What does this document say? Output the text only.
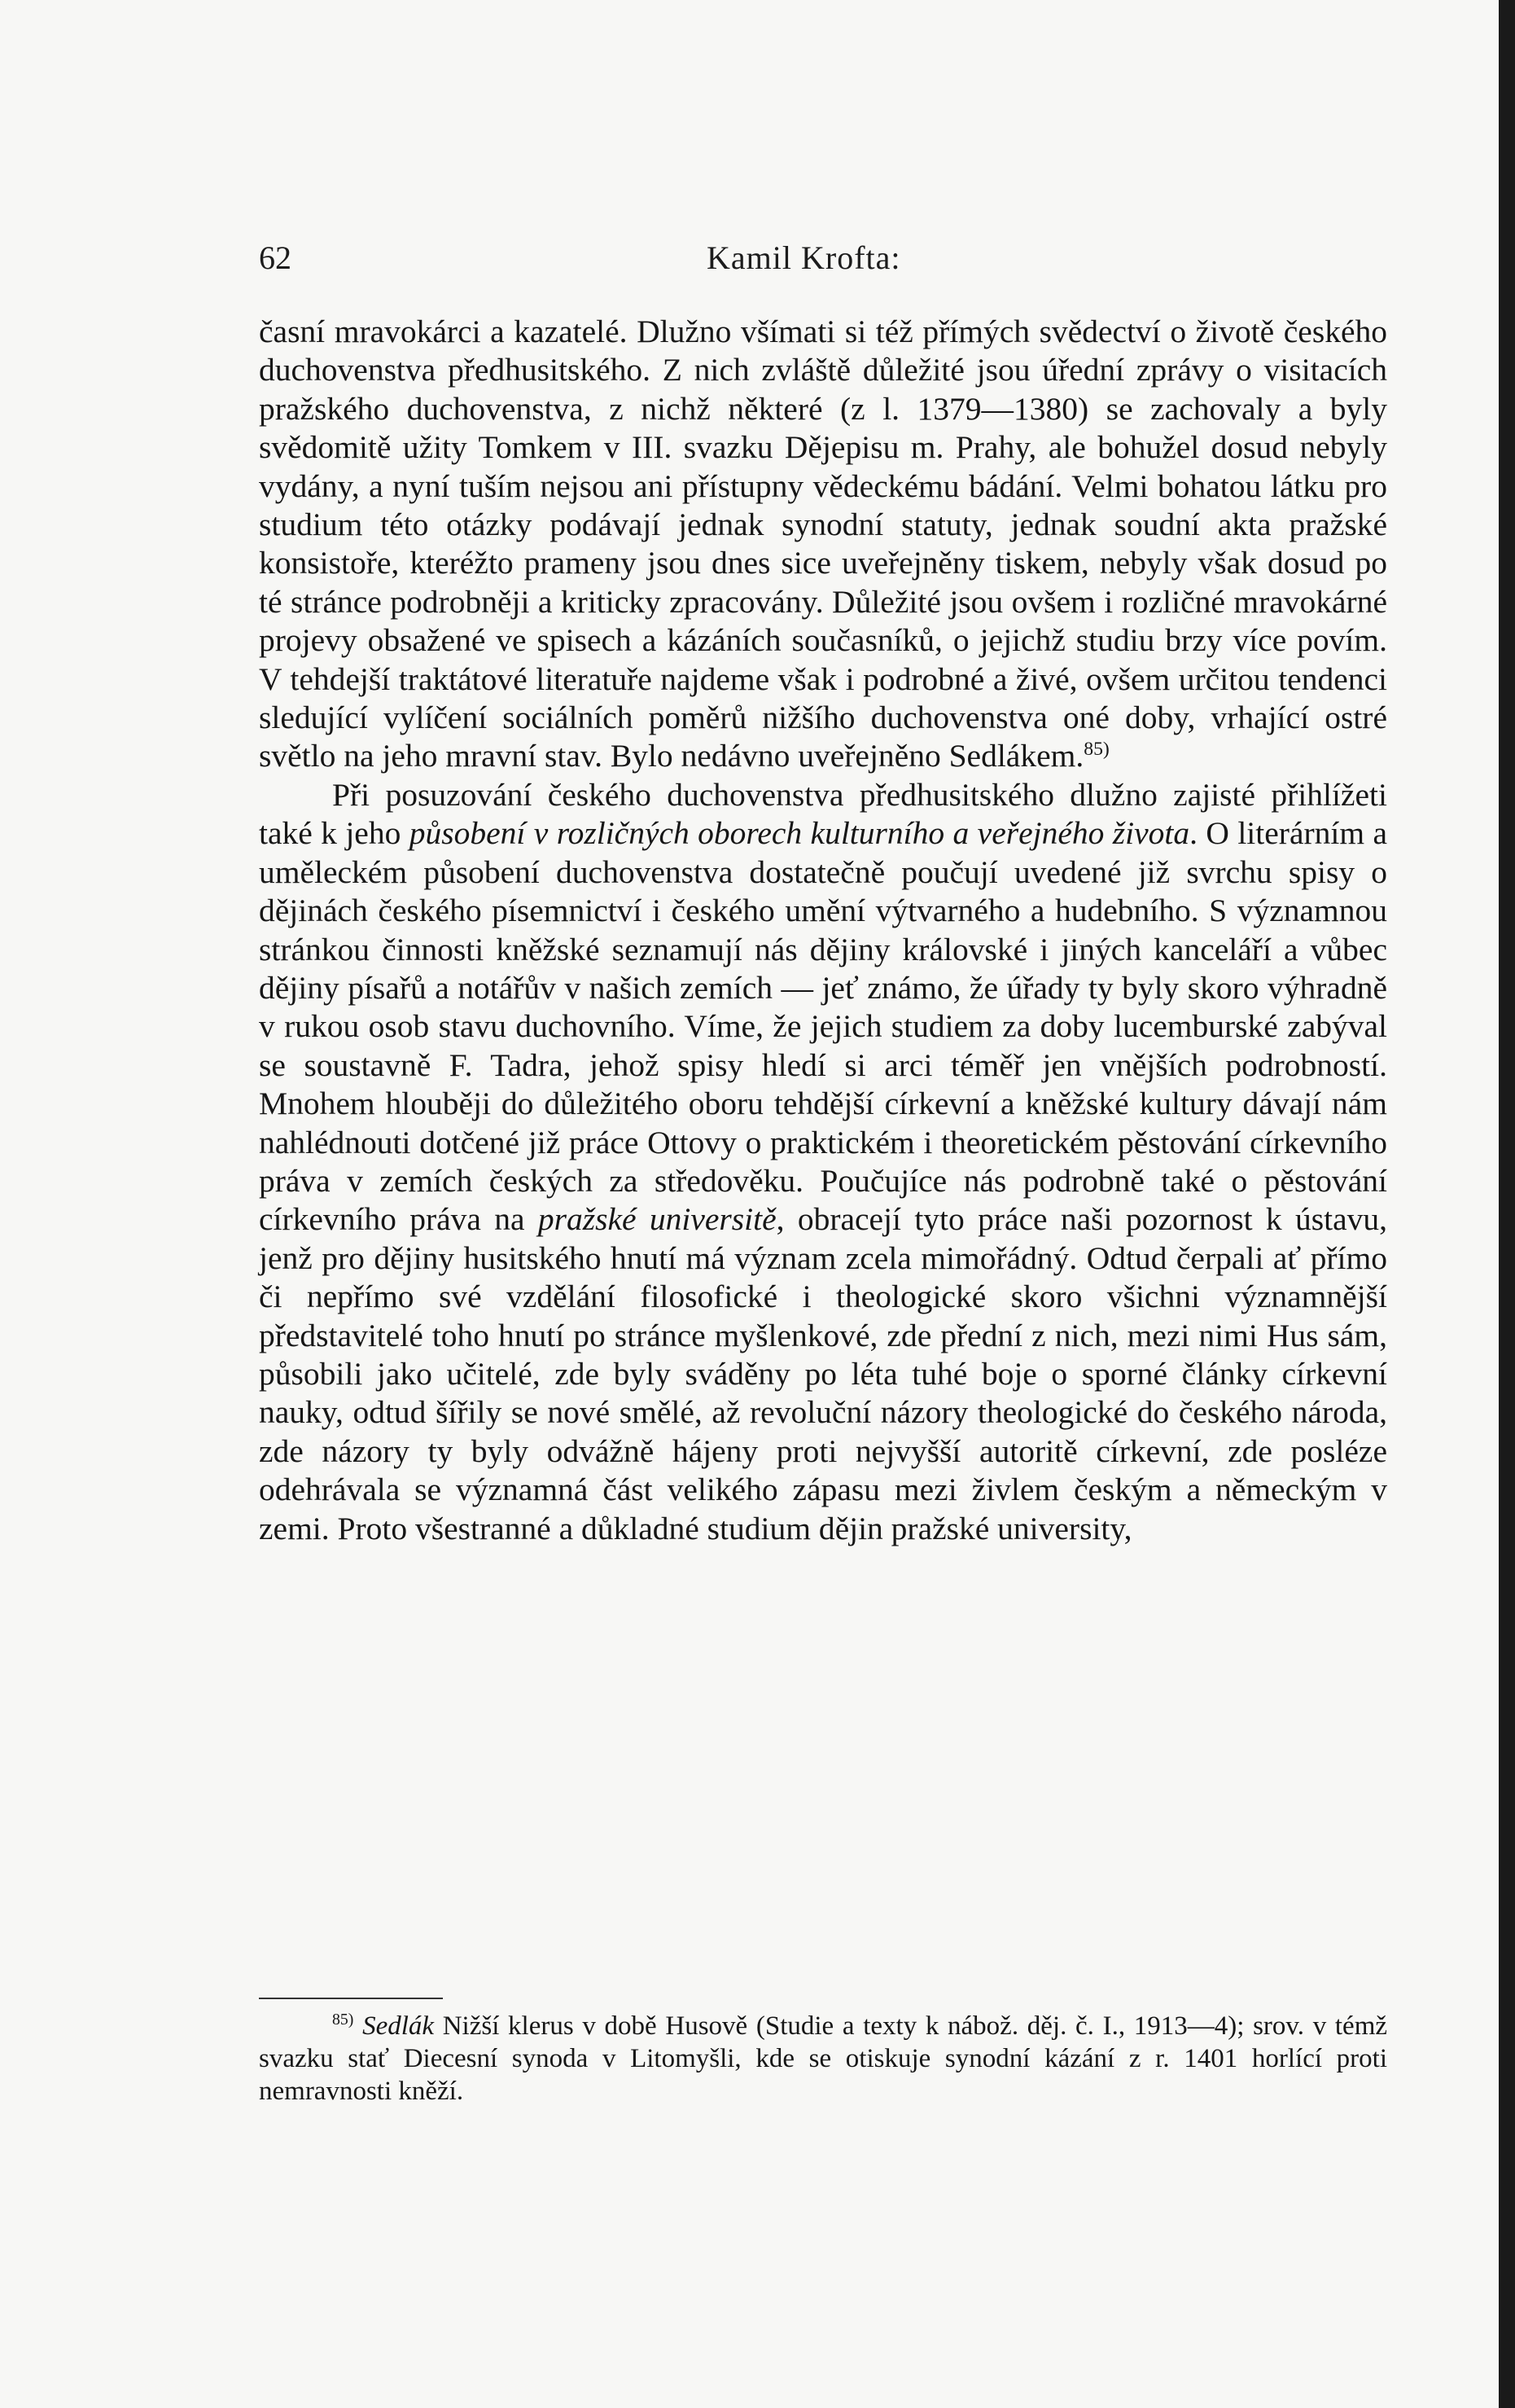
62	Kamil Krofta:

časní mravokárci a kazatelé. Dlužno všímati si též přímých svědectví o životě českého duchovenstva předhusitského. Z nich zvláště důležité jsou úřední zprávy o visitacích pražského duchovenstva, z nichž některé (z l. 1379—1380) se zachovaly a byly svědomitě užity Tomkem v III. svazku Dějepisu m. Prahy, ale bohužel dosud nebyly vydány, a nyní tuším nejsou ani přístupny vědeckému bádání. Velmi bohatou látku pro studium této otázky podávají jednak synodní statuty, jednak soudní akta pražské konsistoře, kteréžto prameny jsou dnes sice uveřejněny tiskem, nebyly však dosud po té stránce podrobněji a kriticky zpracovány. Důležité jsou ovšem i rozličné mravokárné projevy obsažené ve spisech a kázáních současníků, o jejichž studiu brzy více povím. V tehdejší traktátové literatuře najdeme však i podrobné a živé, ovšem určitou tendenci sledující vylíčení sociálních poměrů nižšího duchovenstva oné doby, vrhající ostré světlo na jeho mravní stav. Bylo nedávno uveřejněno Sedlákem.$^{85)}$

Při posuzování českého duchovenstva předhusitského dlužno zajisté přihlížeti také k jeho působení v rozličných oborech kulturního a veřejného života. O literárním a uměleckém působení duchovenstva dostatečně poučují uvedené již svrchu spisy o dějinách českého písemnictví i českého umění výtvarného a hudebního. S významnou stránkou činnosti kněžské seznamují nás dějiny královské i jiných kanceláří a vůbec dějiny písařů a notářův v našich zemích — jeť známo, že úřady ty byly skoro výhradně v rukou osob stavu duchovního. Víme, že jejich studiem za doby lucemburské zabýval se soustavně F. Tadra, jehož spisy hledí si arci téměř jen vnějších podrobností. Mnohem hlouběji do důležitého oboru tehdější církevní a kněžské kultury dávají nám nahlédnouti dotčené již práce Ottovy o praktickém i theoretickém pěstování církevního práva v zemích českých za středověku. Poučujíce nás podrobně také o pěstování církevního práva na pražské universitě, obracejí tyto práce naši pozornost k ústavu, jenž pro dějiny husitského hnutí má význam zcela mimořádný. Odtud čerpali ať přímo či nepřímo své vzdělání filosofické i theologické skoro všichni významnější představitelé toho hnutí po stránce myšlenkové, zde přední z nich, mezi nimi Hus sám, působili jako učitelé, zde byly sváděny po léta tuhé boje o sporné články církevní nauky, odtud šířily se nové smělé, až revoluční názory theologické do českého národa, zde názory ty byly odvážně hájeny proti nejvyšší autoritě církevní, zde posléze odehrávala se významná část velikého zápasu mezi živlem českým a německým v zemi. Proto všestranné a důkladné studium dějin pražské university,

$^{85)}$ Sedlák Nižší klerus v době Husově (Studie a texty k nábož. děj. č. I., 1913—4); srov. v témž svazku stať Diecesní synoda v Litomyšli, kde se otiskuje synodní kázání z r. 1401 horlící proti nemravnosti kněží.
